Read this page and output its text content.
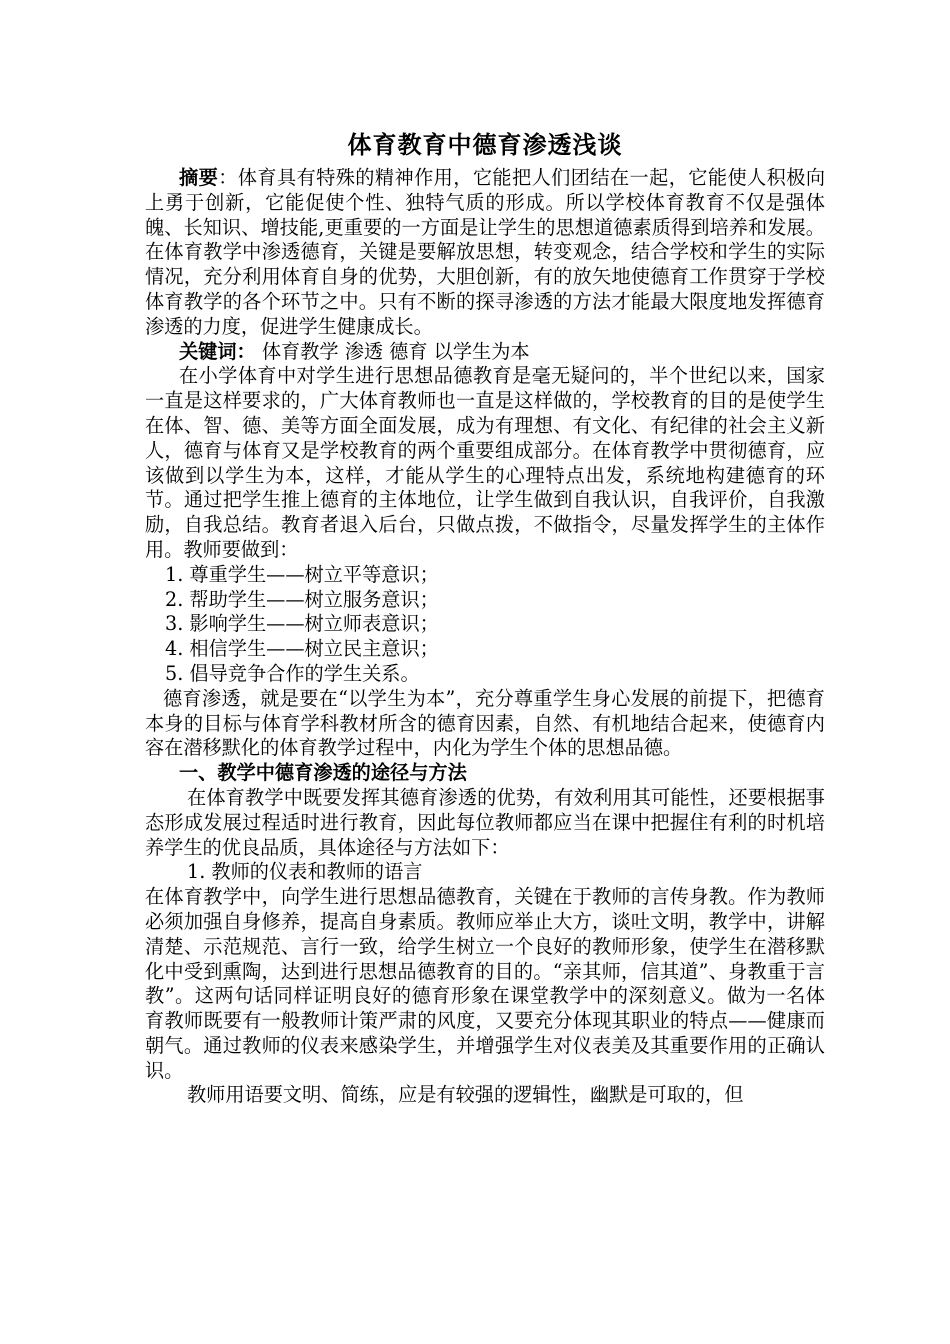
体育教育中德育渗透浅谈

摘要：体育具有特殊的精神作用，它能把人们团结在一起，它能使人积极向上勇于创新，它能促使个性、独特气质的形成。所以学校体育教育不仅是强体魄、长知识、增技能,更重要的一方面是让学生的思想道德素质得到培养和发展。在体育教学中渗透德育，关键是要解放思想，转变观念，结合学校和学生的实际情况，充分利用体育自身的优势，大胆创新，有的放矢地使德育工作贯穿于学校体育教学的各个环节之中。只有不断的探寻渗透的方法才能最大限度地发挥德育渗透的力度，促进学生健康成长。

关键词： 体育教学 渗透 德育 以学生为本

在小学体育中对学生进行思想品德教育是毫无疑问的，半个世纪以来，国家一直是这样要求的，广大体育教师也一直是这样做的，学校教育的目的是使学生在体、智、德、美等方面全面发展，成为有理想、有文化、有纪律的社会主义新人，德育与体育又是学校教育的两个重要组成部分。在体育教学中贯彻德育，应该做到以学生为本，这样，才能从学生的心理特点出发，系统地构建德育的环节。通过把学生推上德育的主体地位，让学生做到自我认识，自我评价，自我激励，自我总结。教育者退入后台，只做点拨，不做指令，尽量发挥学生的主体作用。教师要做到：

1. 尊重学生——树立平等意识；

2. 帮助学生——树立服务意识；

3. 影响学生——树立师表意识；

4. 相信学生——树立民主意识；

5. 倡导竞争合作的学生关系。

德育渗透，就是要在“以学生为本”，充分尊重学生身心发展的前提下，把德育本身的目标与体育学科教材所含的德育因素，自然、有机地结合起来，使德育内容在潜移默化的体育教学过程中，内化为学生个体的思想品德。

一、教学中德育渗透的途径与方法

在体育教学中既要发挥其德育渗透的优势，有效利用其可能性，还要根据事态形成发展过程适时进行教育，因此每位教师都应当在课中把握住有利的时机培养学生的优良品质，具体途径与方法如下：

1. 教师的仪表和教师的语言

在体育教学中，向学生进行思想品德教育，关键在于教师的言传身教。作为教师必须加强自身修养，提高自身素质。教师应举止大方，谈吐文明，教学中，讲解清楚、示范规范、言行一致，给学生树立一个良好的教师形象，使学生在潜移默化中受到熏陶，达到进行思想品德教育的目的。“亲其师，信其道”、身教重于言教”。这两句话同样证明良好的德育形象在课堂教学中的深刻意义。做为一名体育教师既要有一般教师计策严肃的风度，又要充分体现其职业的特点——健康而朝气。通过教师的仪表来感染学生，并增强学生对仪表美及其重要作用的正确认识。

教师用语要文明、简练，应是有较强的逻辑性，幽默是可取的，但
